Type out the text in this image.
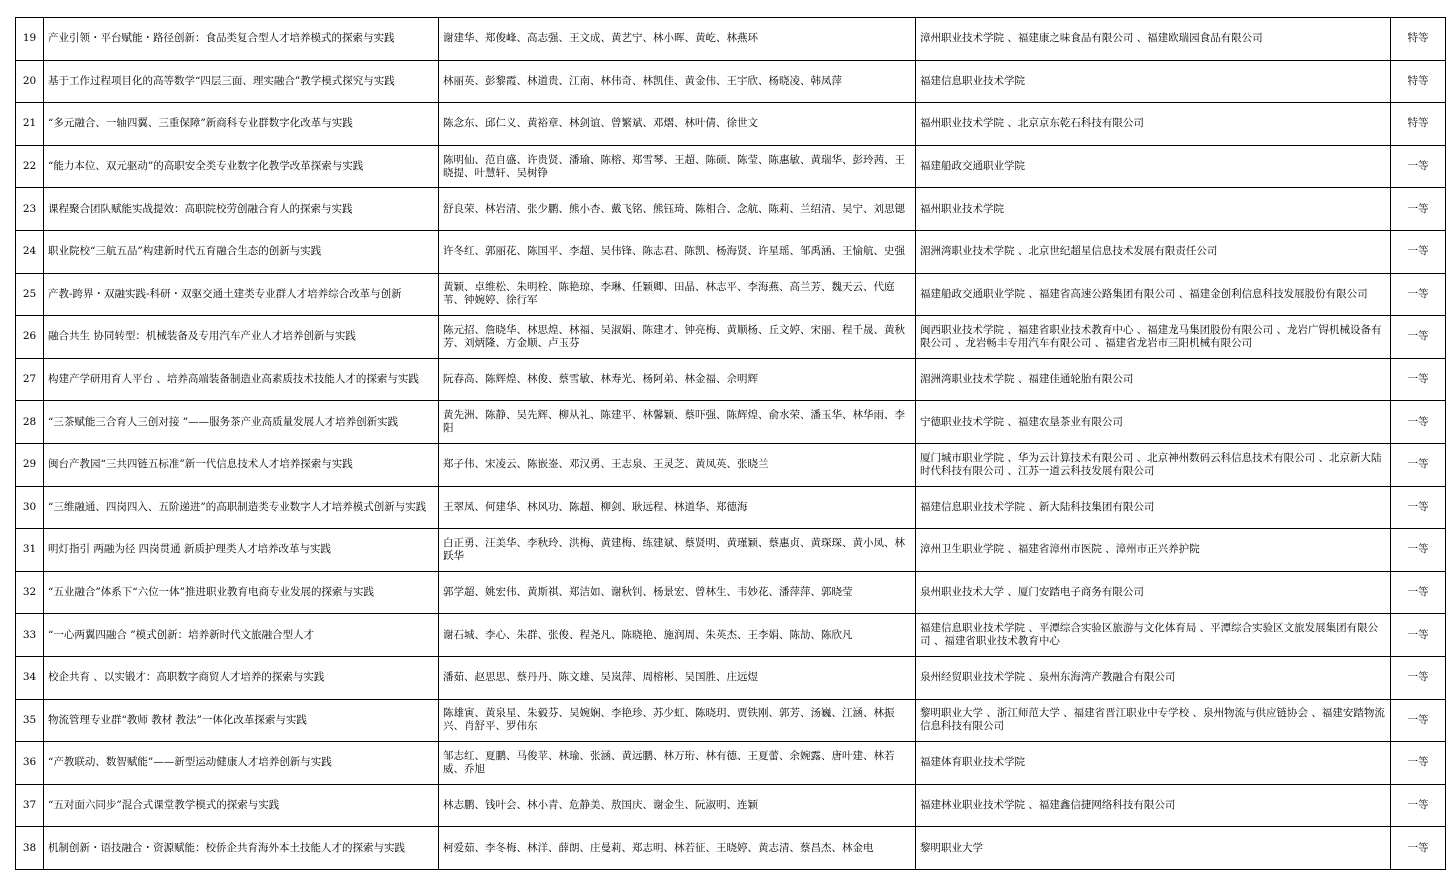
19	产业引领・平台赋能・路径创新：食品类复合型人才培养模式的探索与实践	谢建华、郑俊峰、高志强、王文成、黄艺宁、林小晖、黄屹、林燕环	漳州职业技术学院 、福建康之味食品有限公司 、福建欧瑞园食品有限公司	特等
20	基于工作过程项目化的高等数学“四层三面、理实融合”教学模式探究与实践	林丽英、彭黎霞、林道贵、江南、林伟奇、林凯佳、黄金伟、王宇欣、杨晓凌、韩凤萍	福建信息职业技术学院	特等
21	“多元融合、一轴四翼、三重保障”新商科专业群数字化改革与实践	陈念东、邱仁义、黄裕章、林剑谊、曾繁斌、邓熠、林叶倩、徐世文	福州职业技术学院 、北京京东乾石科技有限公司	特等
22	“能力本位、双元驱动”的高职安全类专业数字化教学改革探索与实践	陈明仙、范自盛、许贵贤、潘瑜、陈榕、郑雪琴、王超、陈硕、陈莹、陈惠敏、黄瑞华、彭玲茜、王晓提、叶慧轩、吴树铮	福建船政交通职业学院	一等
23	课程聚合团队赋能实战提效：高职院校劳创融合育人的探索与实践	舒良荣、林岩清、张少鹏、熊小杏、戴飞铭、熊钰琦、陈相合、念航、陈莉、兰绍清、吴宁、刘思锶	福州职业技术学院	一等
24	职业院校“三航五品”构建新时代五育融合生态的创新与实践	许冬红、郭丽花、陈国平、李超、吴伟锋、陈志君、陈凯、杨海贤、许星瑶、邹禹涵、王愉航、史强	湄洲湾职业技术学院 、北京世纪超星信息技术发展有限责任公司	一等
25	产教-跨界・双融实践-科研・双驱交通土建类专业群人才培养综合改革与创新	黄颖、卓维松、朱明栓、陈艳琼、李琳、任颖卿、田晶、林志平、李海燕、高兰芳、魏天云、代庭苇、钟婉婷、徐行军	福建船政交通职业学院 、福建省高速公路集团有限公司 、福建金创利信息科技发展股份有限公司	一等
26	融合共生 协同转型：机械装备及专用汽车产业人才培养创新与实践	陈元招、詹晓华、林思煌、林福、吴淑娟、陈建才、钟亮梅、黄顺杨、丘文婷、宋丽、程千晟、黄秋芳、刘炳隆、方金顺、卢玉芬	闽西职业技术学院 、福建省职业技术教育中心 、福建龙马集团股份有限公司 、龙岩广锝机械设备有限公司 、龙岩畅丰专用汽车有限公司 、福建省龙岩市三阳机械有限公司	一等
27	构建产学研用育人平台 、培养高端装备制造业高素质技术技能人才的探索与实践	阮春高、陈辉煌、林俊、蔡雪敏、林寿光、杨阿弟、林金福、佘明辉	湄洲湾职业技术学院 、福建佳通轮胎有限公司	一等
28	“三茶赋能三合育人三创对接 ”——服务茶产业高质量发展人才培养创新实践	黄先洲、陈静、吴先辉、柳从礼、陈建平、林馨颖、蔡吓强、陈辉煌、俞水荣、潘玉华、林华雨、李阳	宁德职业技术学院 、福建农垦茶业有限公司	一等
29	闽台产教园“三共四链五标准”新一代信息技术人才培养探索与实践	郑子伟、宋凌云、陈嵌崟、邓汉勇、王志泉、王灵芝、黄凤英、张晓兰	厦门城市职业学院 、华为云计算技术有限公司 、北京神州数码云科信息技术有限公司 、北京新大陆时代科技有限公司 、江苏一道云科技发展有限公司	一等
30	“三维融通、四岗四入、五阶递进”的高职制造类专业数字人才培养模式创新与实践	王翠凤、何建华、林风功、陈超、柳剑、耿远程、林道华、郑德海	福建信息职业技术学院 、新大陆科技集团有限公司	一等
31	明灯指引 两融为径 四岗贯通 新质护理类人才培养改革与实践	白正勇、汪美华、李秋玲、洪梅、黄建梅、练建斌、蔡贤明、黄瑾颖、蔡惠贞、黄琛琛、黄小凤、林跃华	漳州卫生职业学院 、福建省漳州市医院 、漳州市正兴养护院	一等
32	“五业融合”体系下“六位一体”推进职业教育电商专业发展的探索与实践	郭学超、姚宏伟、黄斯祺、郑洁如、谢秋钊、杨景宏、曾林生、韦妙花、潘萍萍、郭晓莹	泉州职业技术大学 、厦门安踏电子商务有限公司	一等
33	“一心两翼四融合 ”模式创新：培养新时代文旅融合型人才	谢石城、李心、朱群、张俊、程尧凡、陈晓艳、施润周、朱英杰、王李娟、陈劼、陈欣凡	福建信息职业技术学院 、平潭综合实验区旅游与文化体育局 、平潭综合实验区文旅发展集团有限公司 、福建省职业技术教育中心	一等
34	校企共育 、以实锻才：高职数字商贸人才培养的探索与实践	潘茹、赵思思、蔡丹丹、陈文雄、吴岚萍、周榕彬、吴国胜、庄远煜	泉州经贸职业技术学院 、泉州东海湾产教融合有限公司	一等
35	物流管理专业群“教师 教材 教法”一体化改革探索与实践	陈雄寅、黄泉星、朱毅芬、吴婉娴、李艳珍、苏少虹、陈晓玥、贾铁刚、郭芳、汤巍、江涵、林振兴、肖舒平、罗伟东	黎明职业大学 、浙江师范大学 、福建省晋江职业中专学校 、泉州物流与供应链协会 、福建安踏物流信息科技有限公司	一等
36	“产教联动、数智赋能”——新型运动健康人才培养创新与实践	邹志红、夏鹏、马俊苹、林瑜、张涵、黄远鹏、林万珩、林有德、王夏蕾、余婉露、唐叶建、林若威、乔旭	福建体育职业技术学院	一等
37	“五对面六同步”混合式课堂教学模式的探索与实践	林志鹏、钱叶会、林小青、危静美、敖国庆、谢金生、阮淑明、连颖	福建林业职业技术学院 、福建鑫信捷网络科技有限公司	一等
38	机制创新・语技融合・资源赋能：校侨企共育海外本土技能人才的探索与实践	柯爱茹、李冬梅、林洋、薛朗、庄曼莉、郑志明、林若征、王晓婷、黄志清、蔡昌杰、林金电	黎明职业大学	一等
